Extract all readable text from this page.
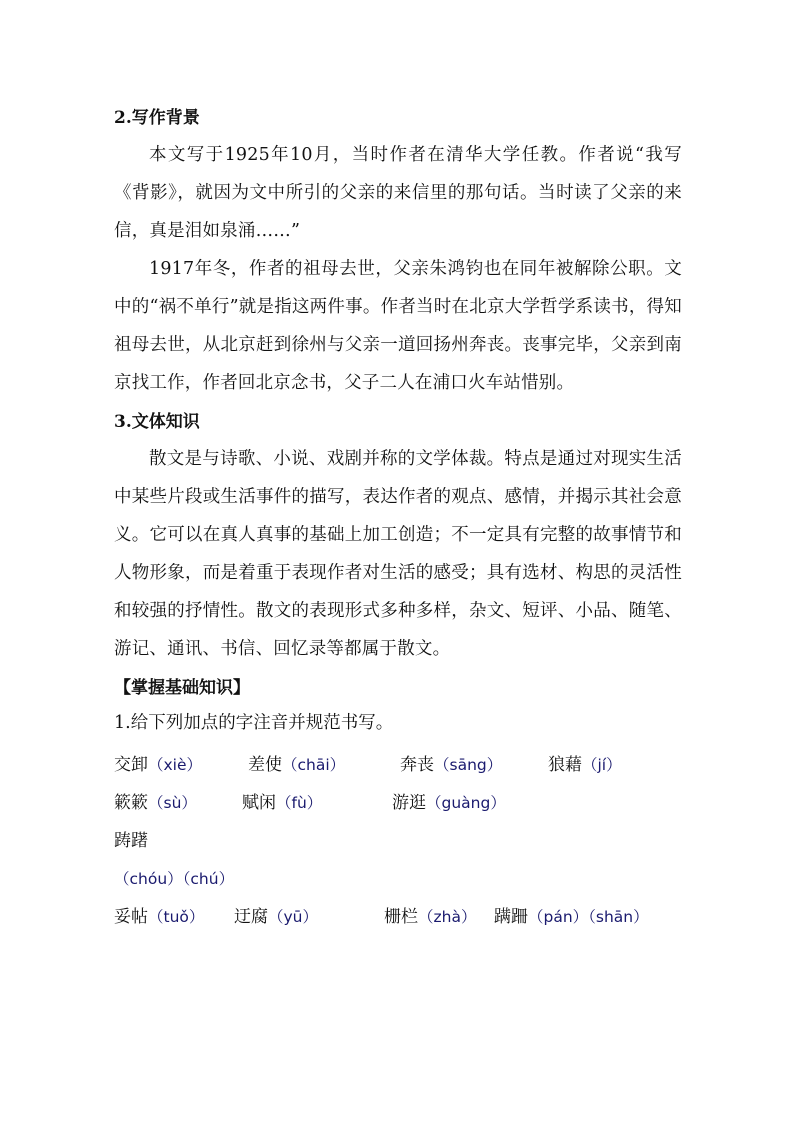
2.写作背景

本文写于1925年10月，当时作者在清华大学任教。作者说“我写《背影》，就因为文中所引的父亲的来信里的那句话。当时读了父亲的来信，真是泪如泉涌……”

1917年冬，作者的祖母去世，父亲朱鸿钧也在同年被解除公职。文中的“祸不单行”就是指这两件事。作者当时在北京大学哲学系读书，得知祖母去世，从北京赶到徐州与父亲一道回扬州奔丧。丧事完毕，父亲到南京找工作，作者回北京念书，父子二人在浦口火车站惜别。

3.文体知识

散文是与诗歌、小说、戏剧并称的文学体裁。特点是通过对现实生活中某些片段或生活事件的描写，表达作者的观点、感情，并揭示其社会意义。它可以在真人真事的基础上加工创造；不一定具有完整的故事情节和人物形象，而是着重于表现作者对生活的感受；具有选材、构思的灵活性和较强的抒情性。散文的表现形式多种多样，杂文、短评、小品、随笔、游记、通讯、书信、回忆录等都属于散文。

【掌握基础知识】
1.给下列加点的字注音并规范书写。
交卸（xiè）	差使（chāi）	奔丧（sāng）	狼藉（jí）
簌簌（sù）	赋闲（fù）	游逛（guàng）
踌躇（chóu）（chú）
妥帖（tuǒ）	迂腐（yū）	栅栏（zhà）	蹒跚（pán）（shān）
